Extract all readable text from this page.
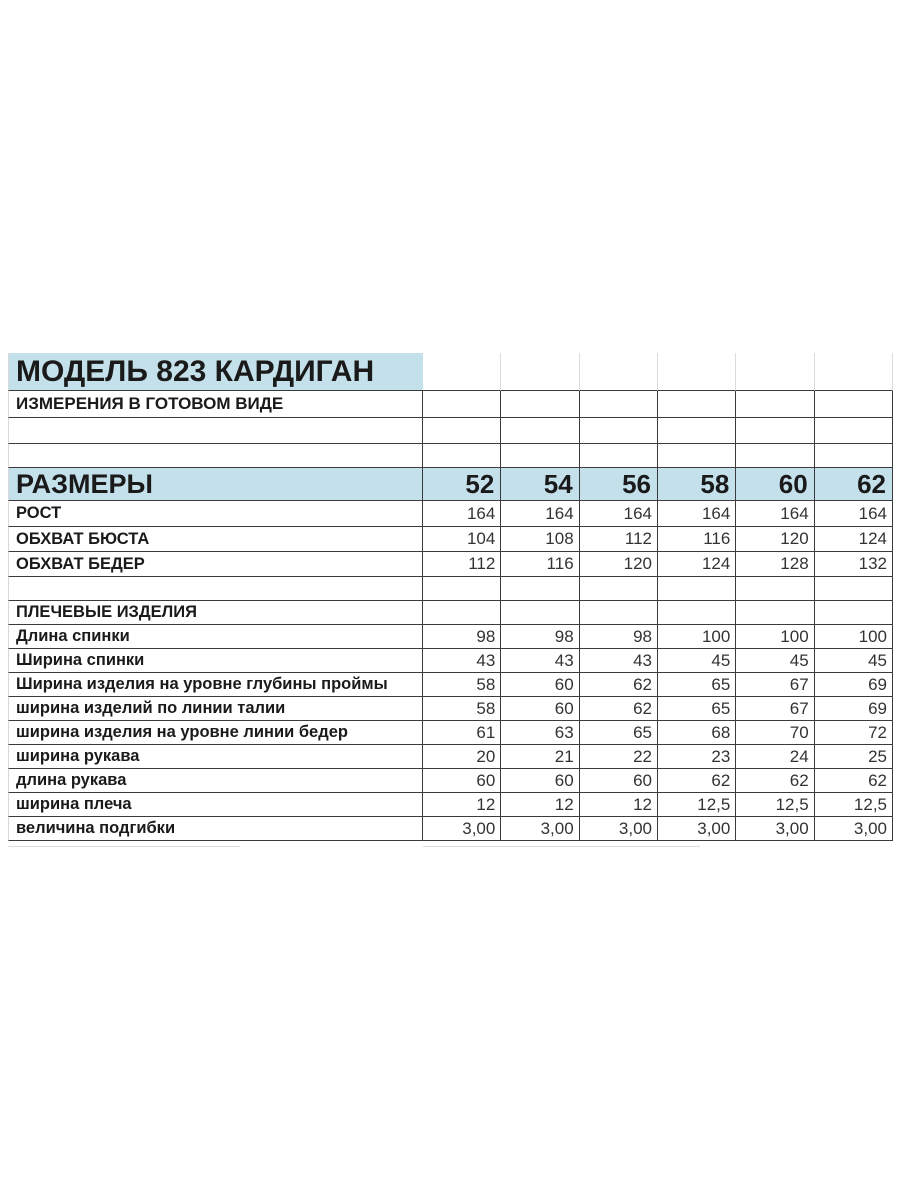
МОДЕЛЬ 823 КАРДИГАН
ИЗМЕРЕНИЯ В ГОТОВОМ ВИДЕ
РАЗМЕРЫ	52	54	56	58	60	62
РОСТ	164	164	164	164	164	164
ОБХВАТ БЮСТА	104	108	112	116	120	124
ОБХВАТ БЕДЕР	112	116	120	124	128	132
ПЛЕЧЕВЫЕ ИЗДЕЛИЯ
Длина спинки	98	98	98	100	100	100
Ширина спинки	43	43	43	45	45	45
Ширина изделия на уровне глубины проймы	58	60	62	65	67	69
ширина изделий по линии талии	58	60	62	65	67	69
ширина изделия на уровне линии бедер	61	63	65	68	70	72
ширина рукава	20	21	22	23	24	25
длина рукава	60	60	60	62	62	62
ширина плеча	12	12	12	12,5	12,5	12,5
величина подгибки	3,00	3,00	3,00	3,00	3,00	3,00
